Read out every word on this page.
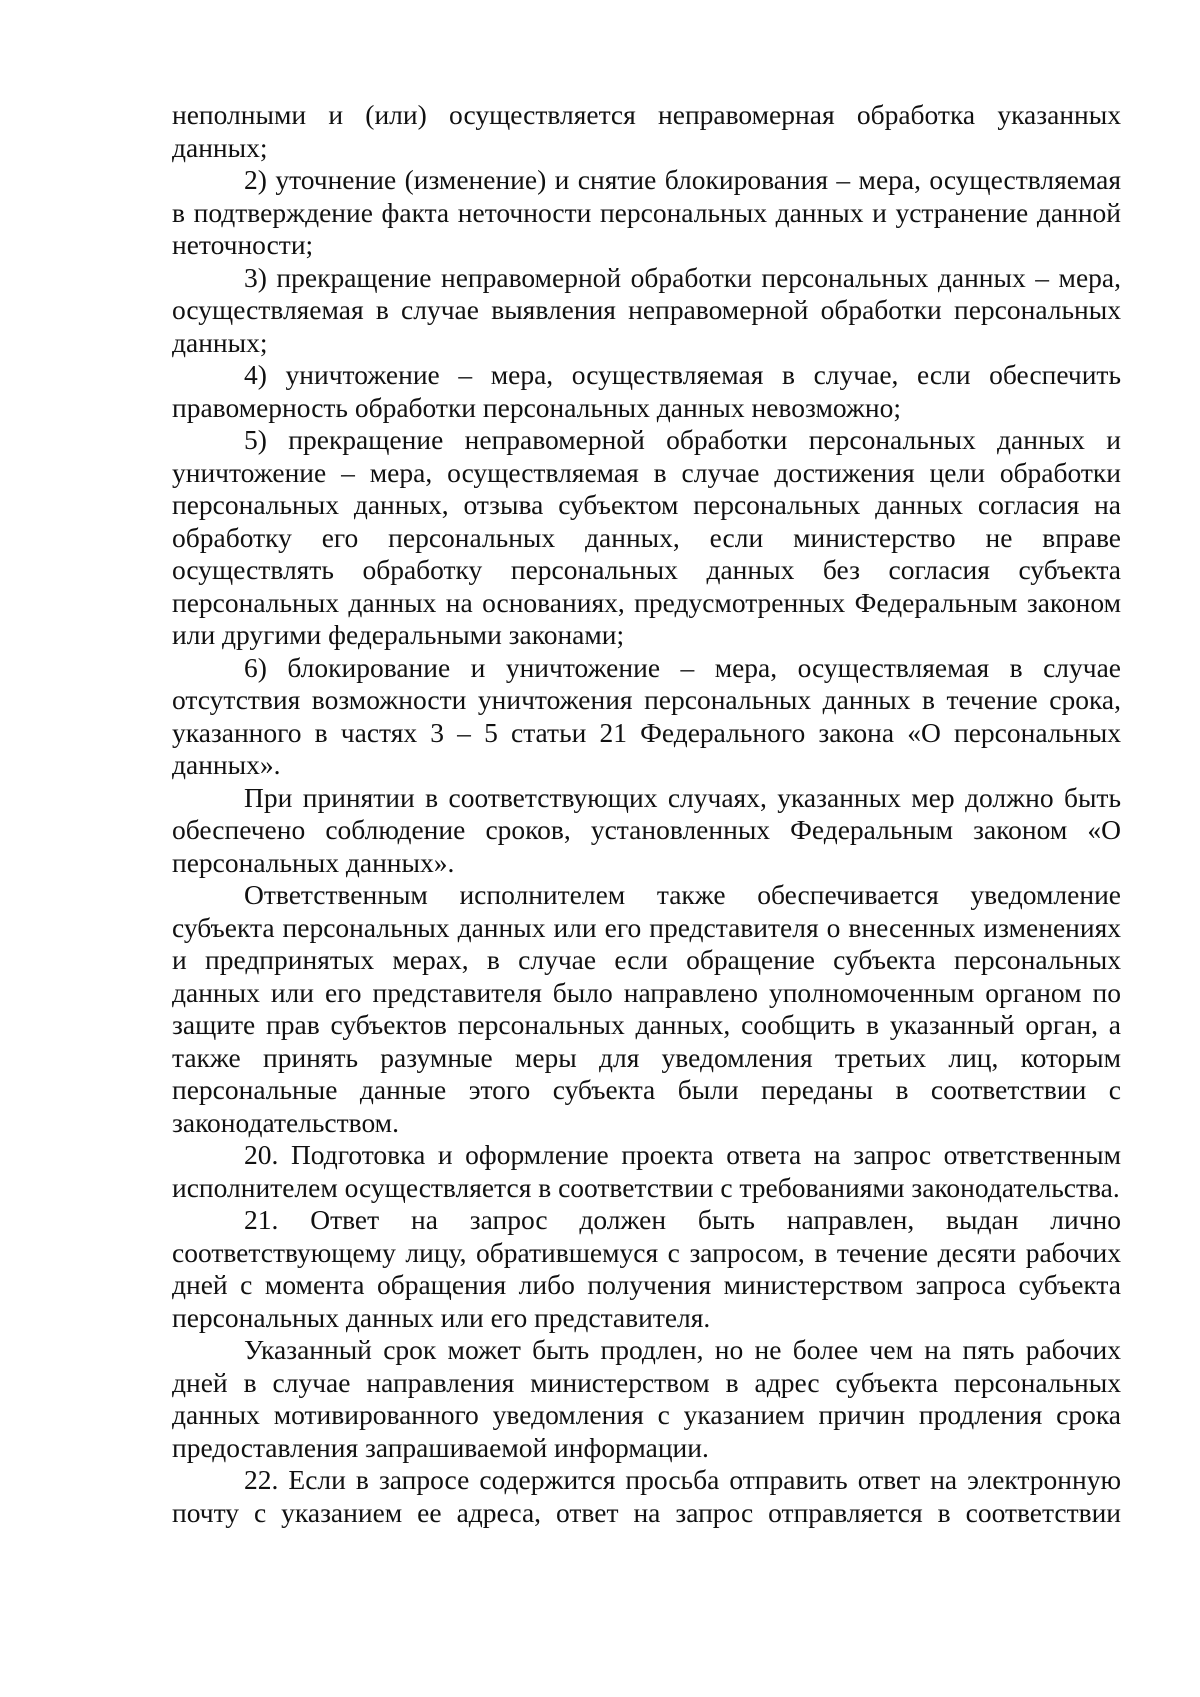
неполными и (или) осуществляется неправомерная обработка указанных данных;

2) уточнение (изменение) и снятие блокирования – мера, осуществляемая в подтверждение факта неточности персональных данных и устранение данной неточности;

3) прекращение неправомерной обработки персональных данных – мера, осуществляемая в случае выявления неправомерной обработки персональных данных;

4) уничтожение – мера, осуществляемая в случае, если обеспечить правомерность обработки персональных данных невозможно;

5) прекращение неправомерной обработки персональных данных и уничтожение – мера, осуществляемая в случае достижения цели обработки персональных данных, отзыва субъектом персональных данных согласия на обработку его персональных данных, если министерство не вправе осуществлять обработку персональных данных без согласия субъекта персональных данных на основаниях, предусмотренных Федеральным законом или другими федеральными законами;

6) блокирование и уничтожение – мера, осуществляемая в случае отсутствия возможности уничтожения персональных данных в течение срока, указанного в частях 3 – 5 статьи 21 Федерального закона «О персональных данных».

При принятии в соответствующих случаях, указанных мер должно быть обеспечено соблюдение сроков, установленных Федеральным законом «О персональных данных».

Ответственным исполнителем также обеспечивается уведомление субъекта персональных данных или его представителя о внесенных изменениях и предпринятых мерах, в случае если обращение субъекта персональных данных или его представителя было направлено уполномоченным органом по защите прав субъектов персональных данных, сообщить в указанный орган, а также принять разумные меры для уведомления третьих лиц, которым персональные данные этого субъекта были переданы в соответствии с законодательством.

20. Подготовка и оформление проекта ответа на запрос ответственным исполнителем осуществляется в соответствии с требованиями законодательства.

21. Ответ на запрос должен быть направлен, выдан лично соответствующему лицу, обратившемуся с запросом, в течение десяти рабочих дней с момента обращения либо получения министерством запроса субъекта персональных данных или его представителя.

Указанный срок может быть продлен, но не более чем на пять рабочих дней в случае направления министерством в адрес субъекта персональных данных мотивированного уведомления с указанием причин продления срока предоставления запрашиваемой информации.

22. Если в запросе содержится просьба отправить ответ на электронную почту с указанием ее адреса, ответ на запрос отправляется в соответствии
